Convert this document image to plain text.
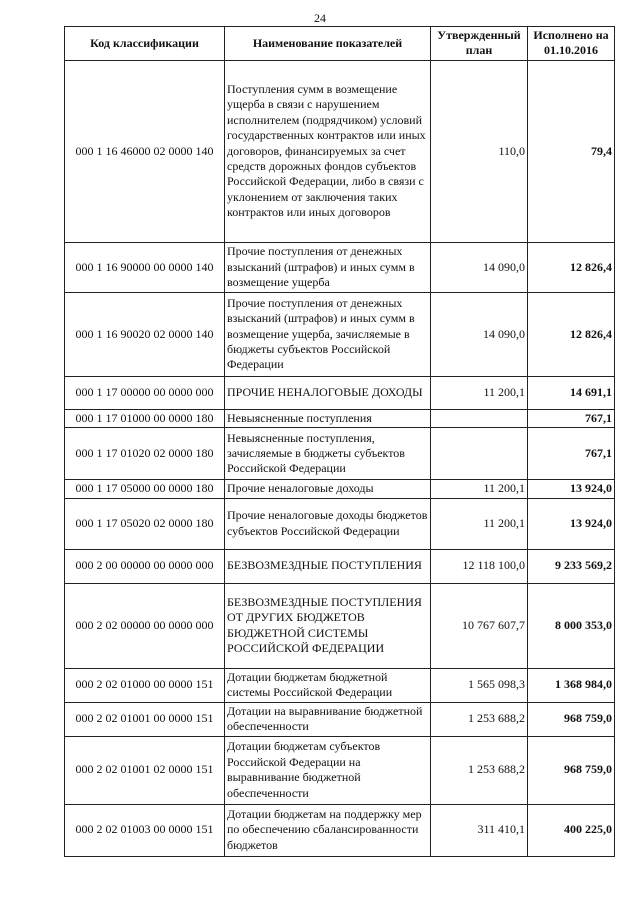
24
Код классификации	Наименование показателей	Утвержденный план	Исполнено на 01.10.2016
000 1 16 46000 02 0000 140	Поступления сумм в возмещение ущерба в связи с нарушением исполнителем (подрядчиком) условий государственных контрактов или иных договоров, финансируемых за счет средств дорожных фондов субъектов Российской Федерации, либо в связи с уклонением от заключения таких контрактов или иных договоров	110,0	79,4
000 1 16 90000 00 0000 140	Прочие поступления от денежных взысканий (штрафов) и иных сумм в возмещение ущерба	14 090,0	12 826,4
000 1 16 90020 02 0000 140	Прочие поступления от денежных взысканий (штрафов) и иных сумм в возмещение ущерба, зачисляемые в бюджеты субъектов Российской Федерации	14 090,0	12 826,4
000 1 17 00000 00 0000 000	ПРОЧИЕ НЕНАЛОГОВЫЕ ДОХОДЫ	11 200,1	14 691,1
000 1 17 01000 00 0000 180	Невыясненные поступления		767,1
000 1 17 01020 02 0000 180	Невыясненные поступления, зачисляемые в бюджеты субъектов Российской Федерации		767,1
000 1 17 05000 00 0000 180	Прочие неналоговые доходы	11 200,1	13 924,0
000 1 17 05020 02 0000 180	Прочие неналоговые доходы бюджетов субъектов Российской Федерации	11 200,1	13 924,0
000 2 00 00000 00 0000 000	БЕЗВОЗМЕЗДНЫЕ ПОСТУПЛЕНИЯ	12 118 100,0	9 233 569,2
000 2 02 00000 00 0000 000	БЕЗВОЗМЕЗДНЫЕ ПОСТУПЛЕНИЯ ОТ ДРУГИХ БЮДЖЕТОВ БЮДЖЕТНОЙ СИСТЕМЫ РОССИЙСКОЙ ФЕДЕРАЦИИ	10 767 607,7	8 000 353,0
000 2 02 01000 00 0000 151	Дотации бюджетам бюджетной системы Российской Федерации	1 565 098,3	1 368 984,0
000 2 02 01001 00 0000 151	Дотации на выравнивание бюджетной обеспеченности	1 253 688,2	968 759,0
000 2 02 01001 02 0000 151	Дотации бюджетам субъектов Российской Федерации на выравнивание бюджетной обеспеченности	1 253 688,2	968 759,0
000 2 02 01003 00 0000 151	Дотации бюджетам на поддержку мер по обеспечению сбалансированности бюджетов	311 410,1	400 225,0
